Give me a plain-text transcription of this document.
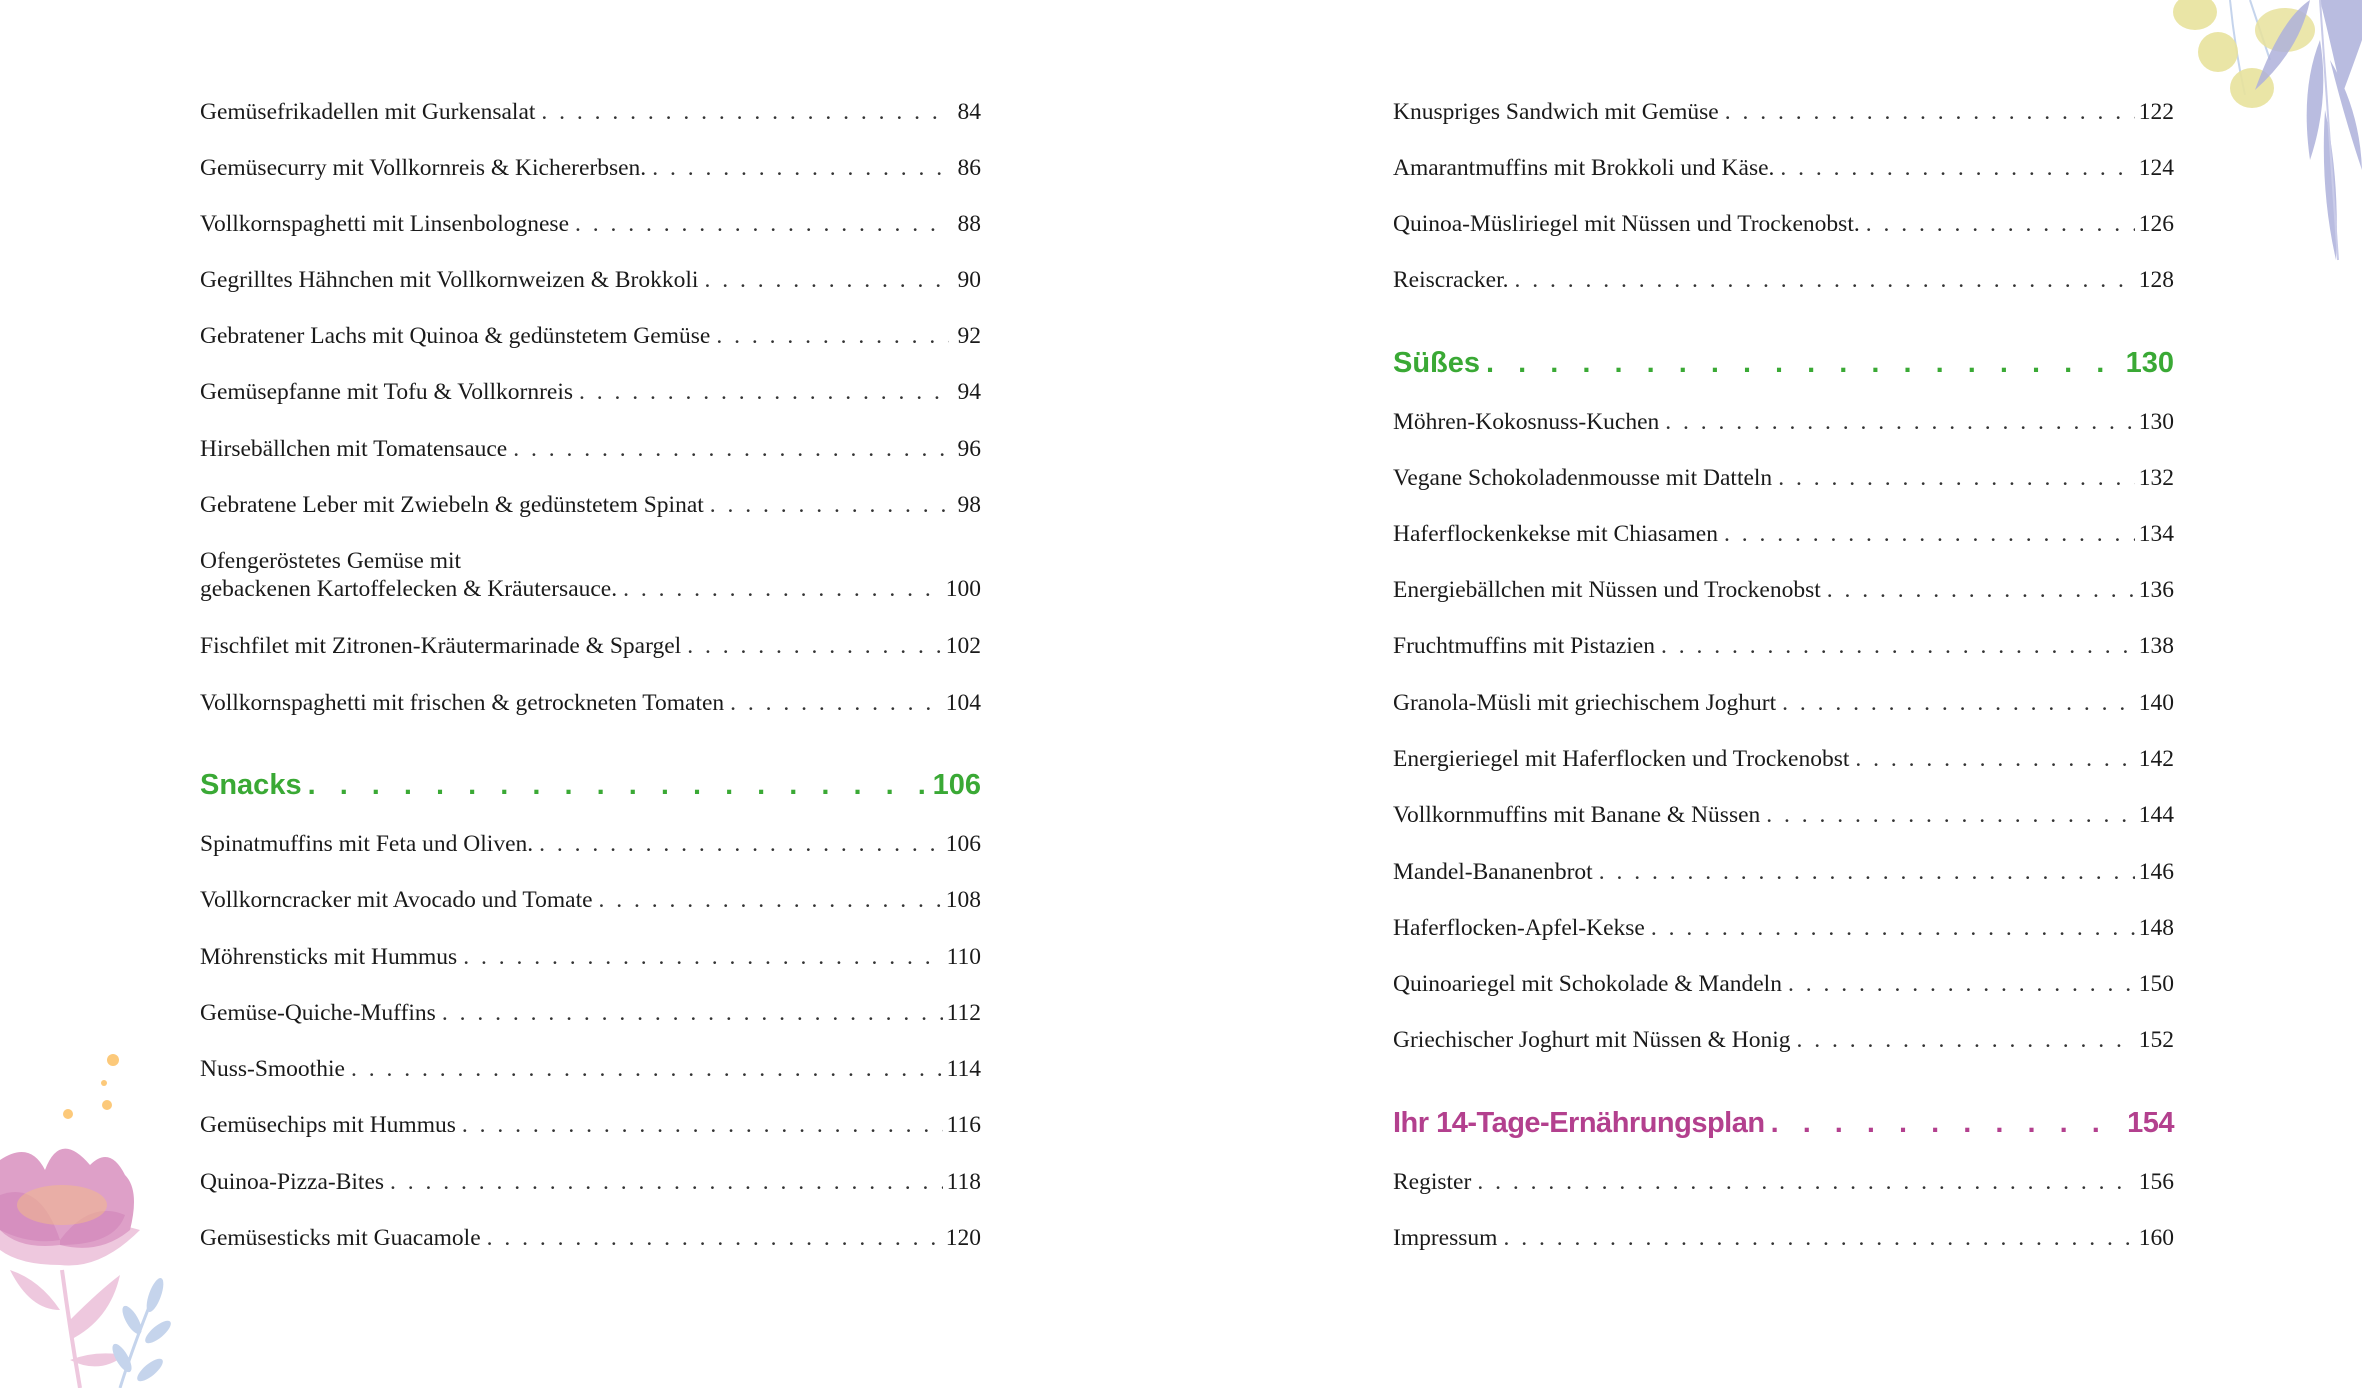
Gemüsefrikadellen mit Gurkensalat . . .	84
Gemüsecurry mit Vollkornreis & Kichererbsen. . . .	86
Vollkornspaghetti mit Linsenbolognese . . .	88
Gegrilltes Hähnchen mit Vollkornweizen & Brokkoli . . .	90
Gebratener Lachs mit Quinoa & gedünstetem Gemüse . . .	92
Gemüsepfanne mit Tofu & Vollkornreis . . .	94
Hirsebällchen mit Tomatensauce . . .	96
Gebratene Leber mit Zwiebeln & gedünstetem Spinat . . .	98
Ofengeröstetes Gemüse mit
gebackenen Kartoffelecken & Kräutersauce. . . .	100
Fischfilet mit Zitronen-Kräutermarinade & Spargel . . .	102
Vollkornspaghetti mit frischen & getrockneten Tomaten . . .	104
Snacks . . .	106
Spinatmuffins mit Feta und Oliven. . . .	106
Vollkorncracker mit Avocado und Tomate . . .	108
Möhrensticks mit Hummus . . .	110
Gemüse-Quiche-Muffins . . .	112
Nuss-Smoothie . . .	114
Gemüsechips mit Hummus . . .	116
Quinoa-Pizza-Bites . . .	118
Gemüsesticks mit Guacamole . . .	120
Knuspriges Sandwich mit Gemüse . . .	122
Amarantmuffins mit Brokkoli und Käse. . . .	124
Quinoa-Müsliriegel mit Nüssen und Trockenobst. . . .	126
Reiscracker. . . .	128
Süßes . . .	130
Möhren-Kokosnuss-Kuchen . . .	130
Vegane Schokoladenmousse mit Datteln . . .	132
Haferflockenkekse mit Chiasamen . . .	134
Energiebällchen mit Nüssen und Trockenobst . . .	136
Fruchtmuffins mit Pistazien . . .	138
Granola-Müsli mit griechischem Joghurt . . .	140
Energieriegel mit Haferflocken und Trockenobst . . .	142
Vollkornmuffins mit Banane & Nüssen . . .	144
Mandel-Bananenbrot . . .	146
Haferflocken-Apfel-Kekse . . .	148
Quinoariegel mit Schokolade & Mandeln . . .	150
Griechischer Joghurt mit Nüssen & Honig . . .	152
Ihr 14-Tage-Ernährungsplan . . .	154
Register . . .	156
Impressum . . .	160
